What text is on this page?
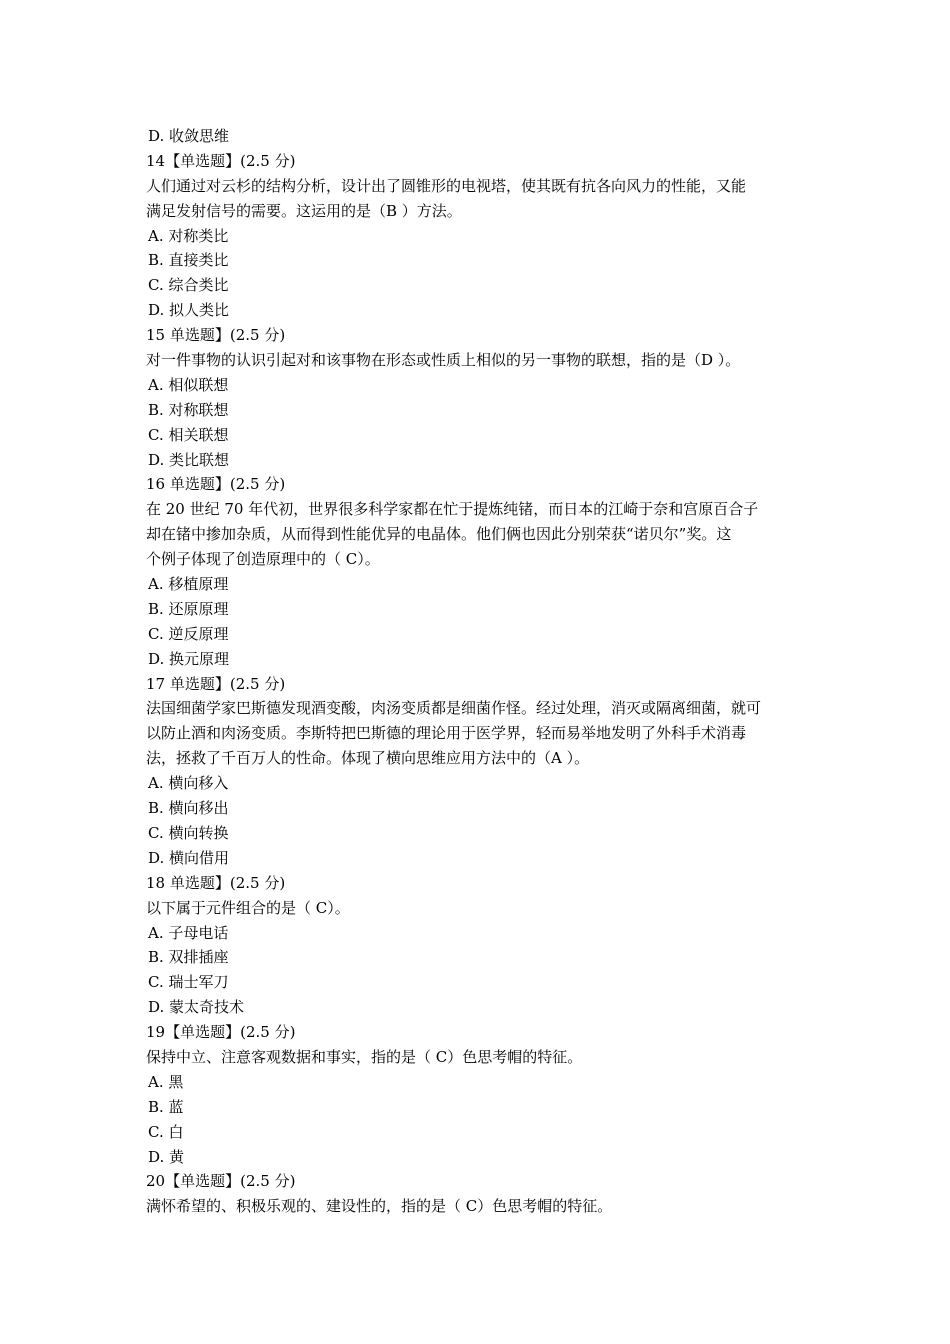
D. 收敛思维
14【单选题】(2.5 分)
人们通过对云杉的结构分析，设计出了圆锥形的电视塔，使其既有抗各向风力的性能，又能
满足发射信号的需要。这运用的是（B ）方法。
A. 对称类比
B. 直接类比
C. 综合类比
D. 拟人类比
15 单选题】(2.5 分)
对一件事物的认识引起对和该事物在形态或性质上相似的另一事物的联想，指的是（D ）。
A. 相似联想
B. 对称联想
C. 相关联想
D. 类比联想
16 单选题】(2.5 分)
在 20 世纪 70 年代初，世界很多科学家都在忙于提炼纯锗，而日本的江崎于奈和宫原百合子
却在锗中掺加杂质，从而得到性能优异的电晶体。他们俩也因此分别荣获“诺贝尔”奖。这
个例子体现了创造原理中的（ C）。
A. 移植原理
B. 还原原理
C. 逆反原理
D. 换元原理
17 单选题】(2.5 分)
法国细菌学家巴斯德发现酒变酸，肉汤变质都是细菌作怪。经过处理，消灭或隔离细菌，就可
以防止酒和肉汤变质。李斯特把巴斯德的理论用于医学界，轻而易举地发明了外科手术消毒
法，拯救了千百万人的性命。体现了横向思维应用方法中的（A ）。
A. 横向移入
B. 横向移出
C. 横向转换
D. 横向借用
18 单选题】(2.5 分)
以下属于元件组合的是（ C）。
A. 子母电话
B. 双排插座
C. 瑞士军刀
D. 蒙太奇技术
19【单选题】(2.5 分)
保持中立、注意客观数据和事实，指的是（ C）色思考帽的特征。
A. 黑
B. 蓝
C. 白
D. 黄
20【单选题】(2.5 分)
满怀希望的、积极乐观的、建设性的，指的是（ C）色思考帽的特征。
